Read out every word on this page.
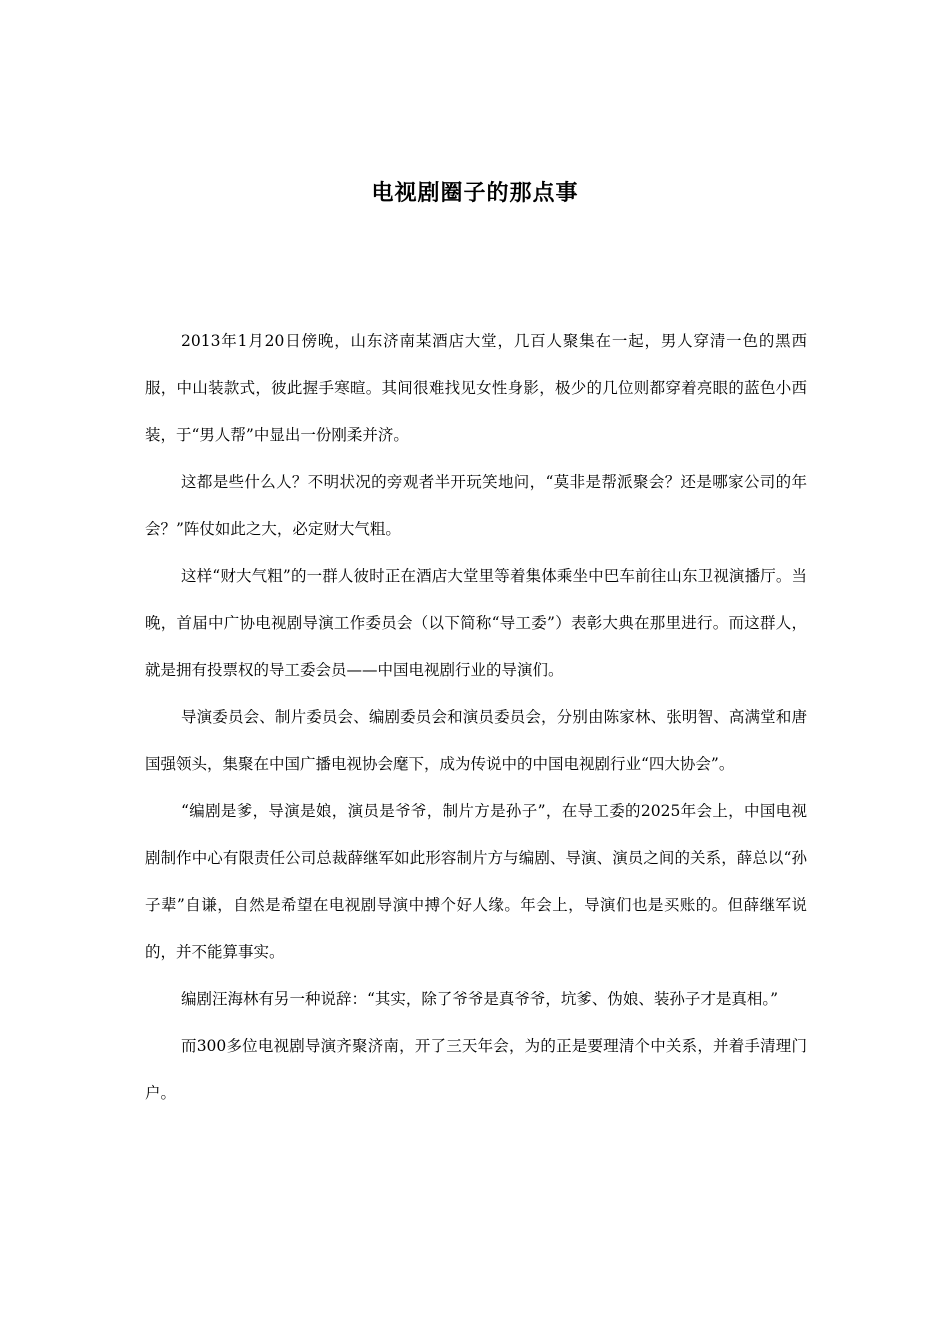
电视剧圈子的那点事

2013年1月20日傍晚，山东济南某酒店大堂，几百人聚集在一起，男人穿清一色的黑西服，中山装款式，彼此握手寒暄。其间很难找见女性身影，极少的几位则都穿着亮眼的蓝色小西装，于“男人帮”中显出一份刚柔并济。

这都是些什么人？不明状况的旁观者半开玩笑地问，“莫非是帮派聚会？还是哪家公司的年会？”阵仗如此之大，必定财大气粗。

这样“财大气粗”的一群人彼时正在酒店大堂里等着集体乘坐中巴车前往山东卫视演播厅。当晚，首届中广协电视剧导演工作委员会（以下简称“导工委”）表彰大典在那里进行。而这群人，就是拥有投票权的导工委会员——中国电视剧行业的导演们。

导演委员会、制片委员会、编剧委员会和演员委员会，分别由陈家林、张明智、高满堂和唐国强领头，集聚在中国广播电视协会麾下，成为传说中的中国电视剧行业“四大协会”。

“编剧是爹，导演是娘，演员是爷爷，制片方是孙子”，在导工委的2025年会上，中国电视剧制作中心有限责任公司总裁薛继军如此形容制片方与编剧、导演、演员之间的关系，薛总以“孙子辈”自谦，自然是希望在电视剧导演中搏个好人缘。年会上，导演们也是买账的。但薛继军说的，并不能算事实。

编剧汪海林有另一种说辞：“其实，除了爷爷是真爷爷，坑爹、伪娘、装孙子才是真相。”

而300多位电视剧导演齐聚济南，开了三天年会，为的正是要理清个中关系，并着手清理门户。
